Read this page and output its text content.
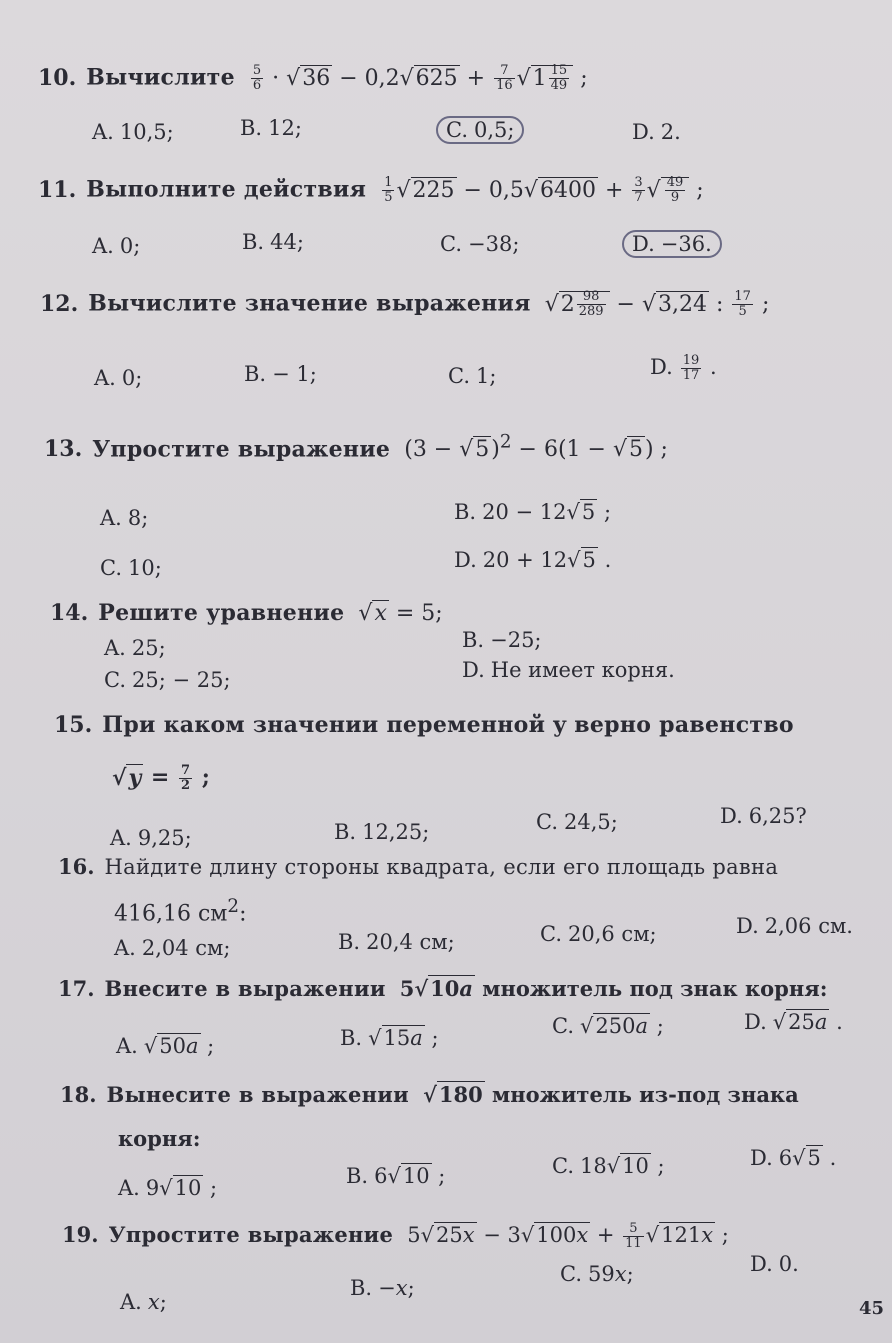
10. Вычислите $\frac{5}{6}$ · √ 36 − 0,2 √ $625 + \frac{7}{16}$ √ $1 \frac{15}{49}$ ;
A. 10,5;	B. 12;	C. 0,5;	D. 2.
11. Выполните действия $\frac{1}{5}$ √ 225 − 0,5 √ $6400 + \frac{3}{7}$ √ $\frac{49}{9}$ ;
A. 0;	B. 44;	C. −38;	D. −36.
12. Вычислите значение выражения √ $2 \frac{98}{289}$ − √ 3,24 : $\frac{17}{5}$ ;
A. 0;	B. − 1;	C. 1;	D. $\frac{19}{17}$ .
13. Упростите выражение (3 − √ 5)$^2$ − 6(1 − √ 5) ;
A. 8;	B. 20 − 12 √ 5 ;
C. 10;	D. 20 + 12 √ 5 .
14. Решите уравнение √ x = 5;
A. 25;	B. −25;
C. 25; − 25;	D. Не имеет корня.
15. При каком значении переменной y верно равенство
√ $y = \frac{7}{2}$ ;
A. 9,25;	B. 12,25;	C. 24,5;	D. 6,25?
16. Найдите длину стороны квадрата, если его площадь равна
416,16 $см^2$:
A. 2,04 см;	B. 20,4 см;	C. 20,6 см;	D. 2,06 см.
17. Внесите в выражении 5 √ 10a множитель под знак корня:
A. √ 50a ;	B. √ 15a ;	C. √ 250a ;	D. √ 25a .
18. Вынесите в выражении √ 180 множитель из-под знака
корня:
A. 9 √ 10 ;	B. 6 √ 10 ;	C. 18 √ 10 ;	D. 6 √ 5 .
19. Упростите выражение 5 √ 25x − 3 √ $100x + \frac{5}{11}$ √ 121x ;
A. x;
B. −x;
C. 59x;	D. 0.
45
